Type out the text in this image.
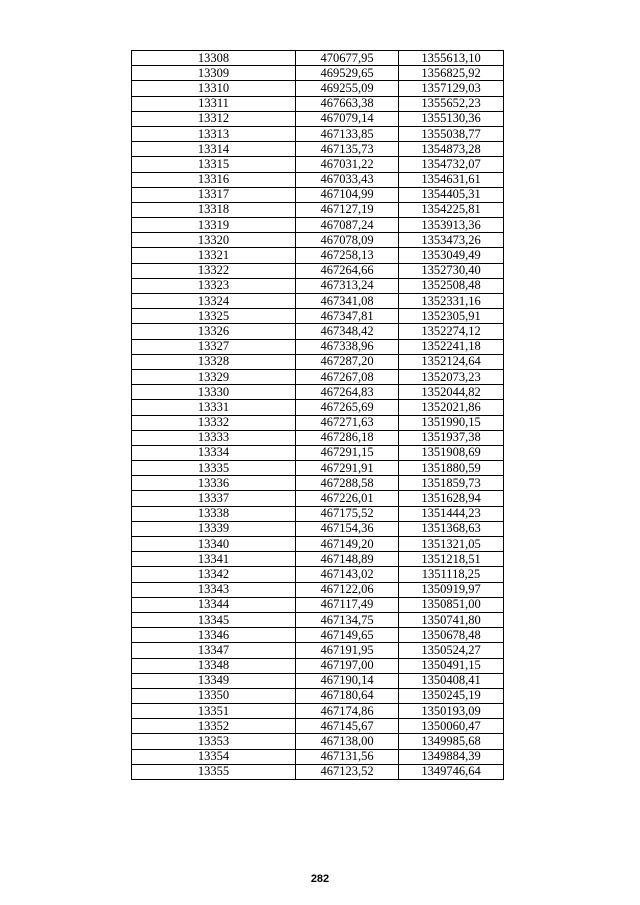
13308	470677,95	1355613,10
13309	469529,65	1356825,92
13310	469255,09	1357129,03
13311	467663,38	1355652,23
13312	467079,14	1355130,36
13313	467133,85	1355038,77
13314	467135,73	1354873,28
13315	467031,22	1354732,07
13316	467033,43	1354631,61
13317	467104,99	1354405,31
13318	467127,19	1354225,81
13319	467087,24	1353913,36
13320	467078,09	1353473,26
13321	467258,13	1353049,49
13322	467264,66	1352730,40
13323	467313,24	1352508,48
13324	467341,08	1352331,16
13325	467347,81	1352305,91
13326	467348,42	1352274,12
13327	467338,96	1352241,18
13328	467287,20	1352124,64
13329	467267,08	1352073,23
13330	467264,83	1352044,82
13331	467265,69	1352021,86
13332	467271,63	1351990,15
13333	467286,18	1351937,38
13334	467291,15	1351908,69
13335	467291,91	1351880,59
13336	467288,58	1351859,73
13337	467226,01	1351628,94
13338	467175,52	1351444,23
13339	467154,36	1351368,63
13340	467149,20	1351321,05
13341	467148,89	1351218,51
13342	467143,02	1351118,25
13343	467122,06	1350919,97
13344	467117,49	1350851,00
13345	467134,75	1350741,80
13346	467149,65	1350678,48
13347	467191,95	1350524,27
13348	467197,00	1350491,15
13349	467190,14	1350408,41
13350	467180,64	1350245,19
13351	467174,86	1350193,09
13352	467145,67	1350060,47
13353	467138,00	1349985,68
13354	467131,56	1349884,39
13355	467123,52	1349746,64
282
